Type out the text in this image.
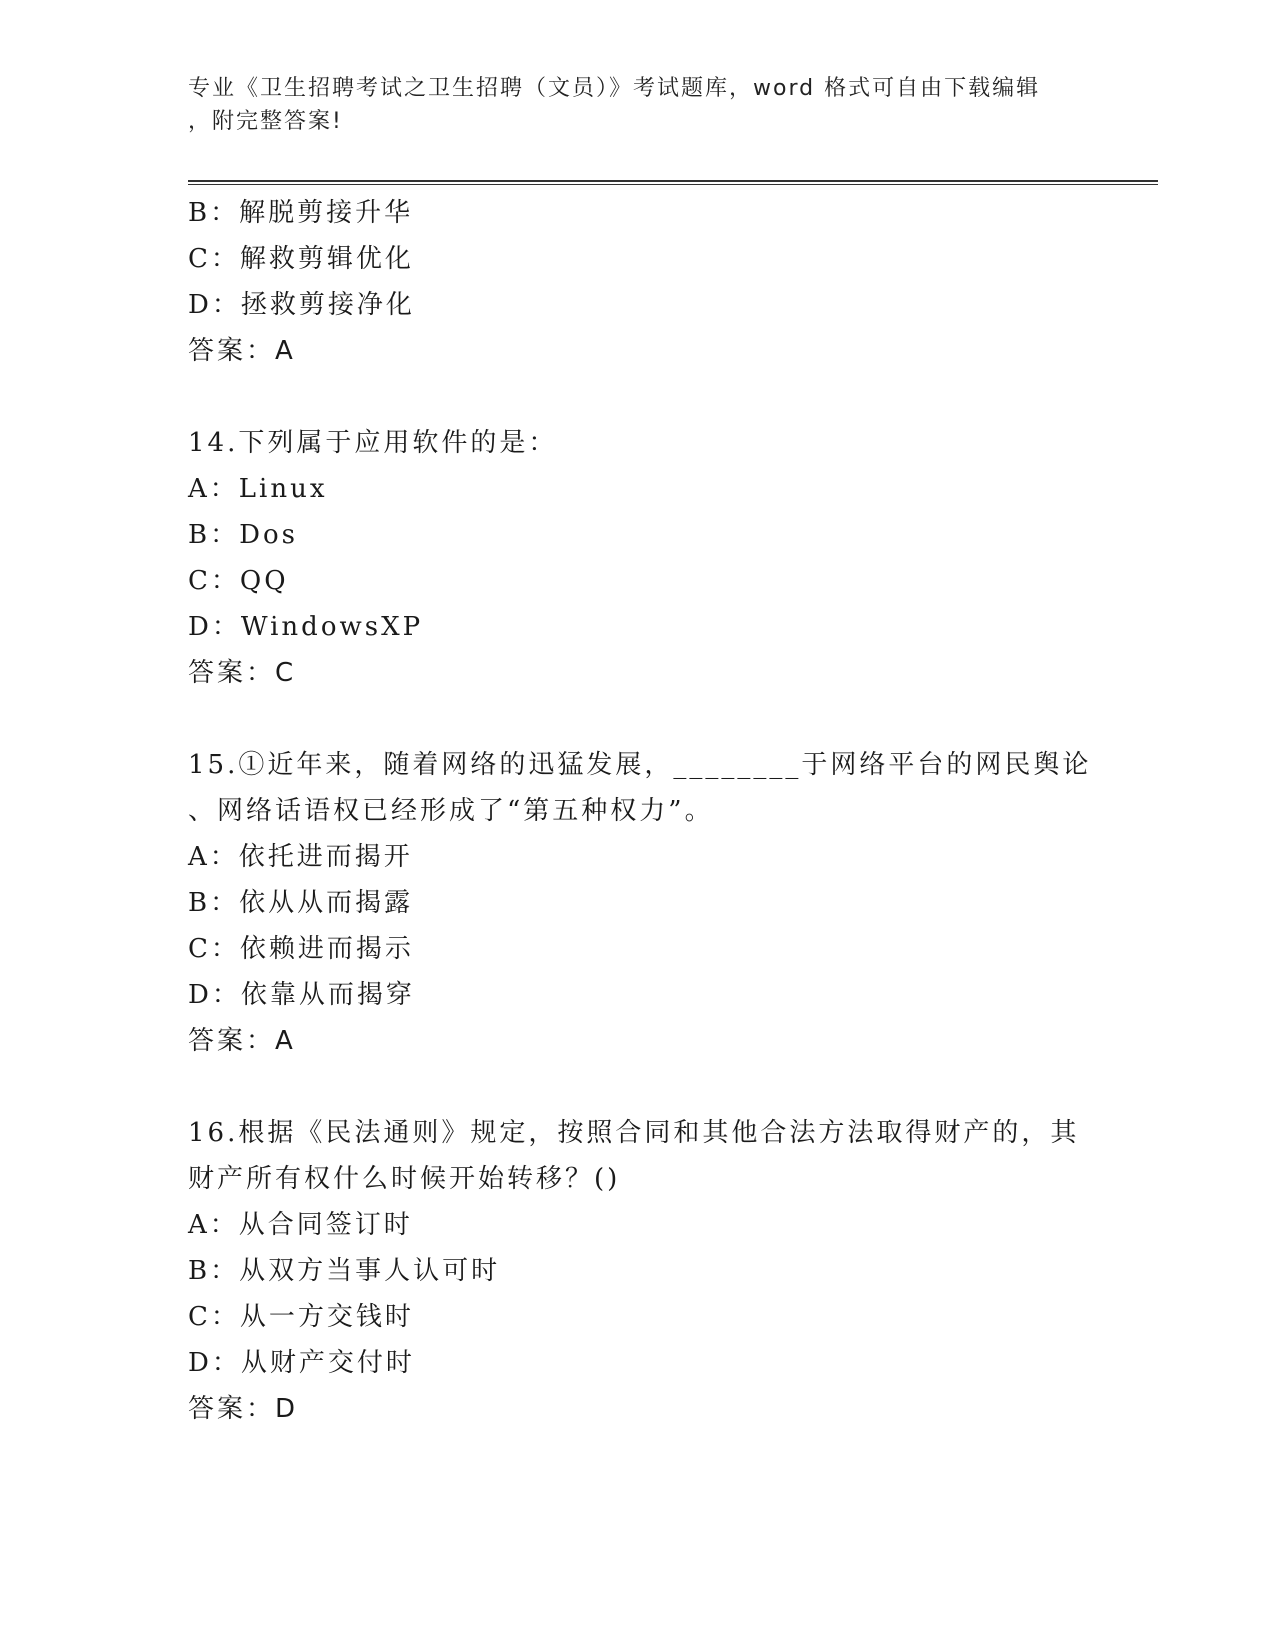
专业《卫生招聘考试之卫生招聘（文员）》考试题库，word 格式可自由下载编辑
，附完整答案!
B：解脱剪接升华
C：解救剪辑优化
D：拯救剪接净化
答案：A
14.下列属于应用软件的是：
A：Linux
B：Dos
C：QQ
D：WindowsXP
答案：C
15.①近年来，随着网络的迅猛发展，________于网络平台的网民舆论
、网络话语权已经形成了“第五种权力”。
A：依托进而揭开
B：依从从而揭露
C：依赖进而揭示
D：依靠从而揭穿
答案：A
16.根据《民法通则》规定，按照合同和其他合法方法取得财产的，其
财产所有权什么时候开始转移？()
A：从合同签订时
B：从双方当事人认可时
C：从一方交钱时
D：从财产交付时
答案：D
